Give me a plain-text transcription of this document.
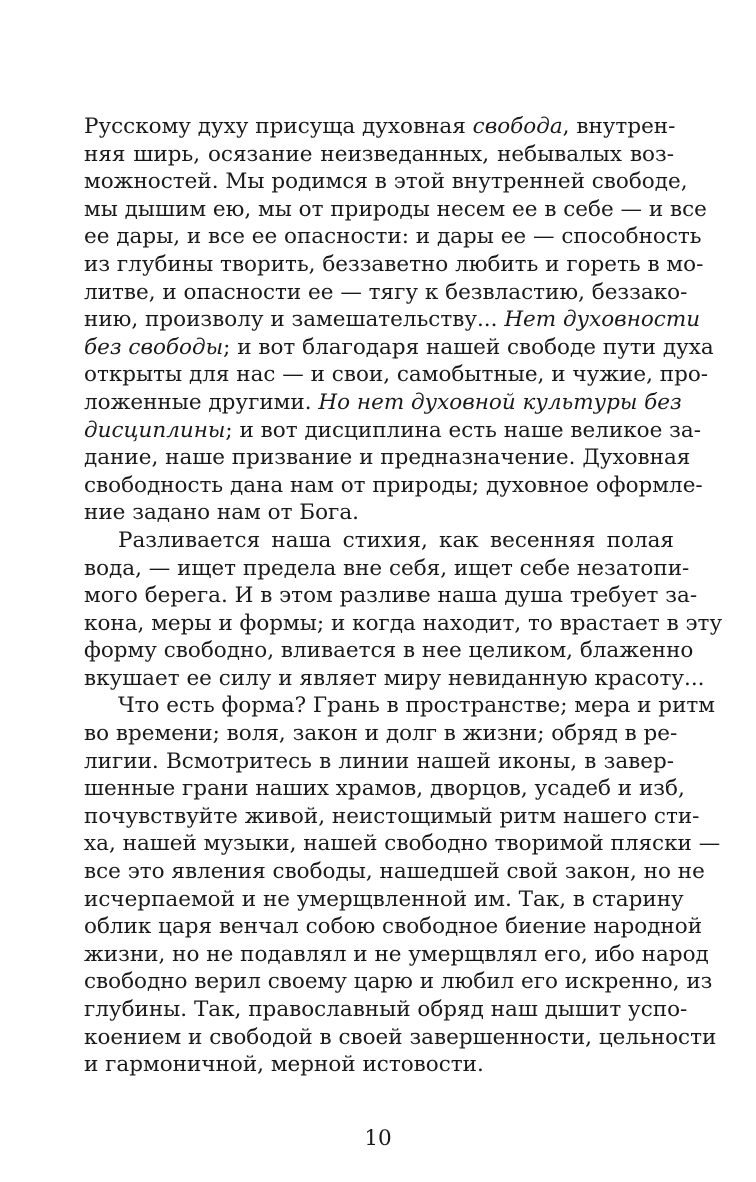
Русскому духу присуща духовная свобода, внутрен-
няя ширь, осязание неизведанных, небывалых воз-
можностей. Мы родимся в этой внутренней свободе,
мы дышим ею, мы от природы несем ее в себе — и все
ее дары, и все ее опасности: и дары ее — способность
из глубины творить, беззаветно любить и гореть в мо-
литве, и опасности ее — тягу к безвластию, беззако-
нию, произволу и замешательству... Нет духовности
без свободы; и вот благодаря нашей свободе пути духа
открыты для нас — и свои, самобытные, и чужие, про-
ложенные другими. Но нет духовной культуры без
дисциплины; и вот дисциплина есть наше великое за-
дание, наше призвание и предназначение. Духовная
свободность дана нам от природы; духовное оформле-
ние задано нам от Бога.
Разливается наша стихия, как весенняя полая
вода, — ищет предела вне себя, ищет себе незатопи-
мого берега. И в этом разливе наша душа требует за-
кона, меры и формы; и когда находит, то врастает в эту
форму свободно, вливается в нее целиком, блаженно
вкушает ее силу и являет миру невиданную красоту...
Что есть форма? Грань в пространстве; мера и ритм
во времени; воля, закон и долг в жизни; обряд в ре-
лигии. Всмотритесь в линии нашей иконы, в завер-
шенные грани наших храмов, дворцов, усадеб и изб,
почувствуйте живой, неистощимый ритм нашего сти-
ха, нашей музыки, нашей свободно творимой пляски —
все это явления свободы, нашедшей свой закон, но не
исчерпаемой и не умерщвленной им. Так, в старину
облик царя венчал собою свободное биение народной
жизни, но не подавлял и не умерщвлял его, ибо народ
свободно верил своему царю и любил его искренно, из
глубины. Так, православный обряд наш дышит успо-
коением и свободой в своей завершенности, цельности
и гармоничной, мерной истовости.
10
